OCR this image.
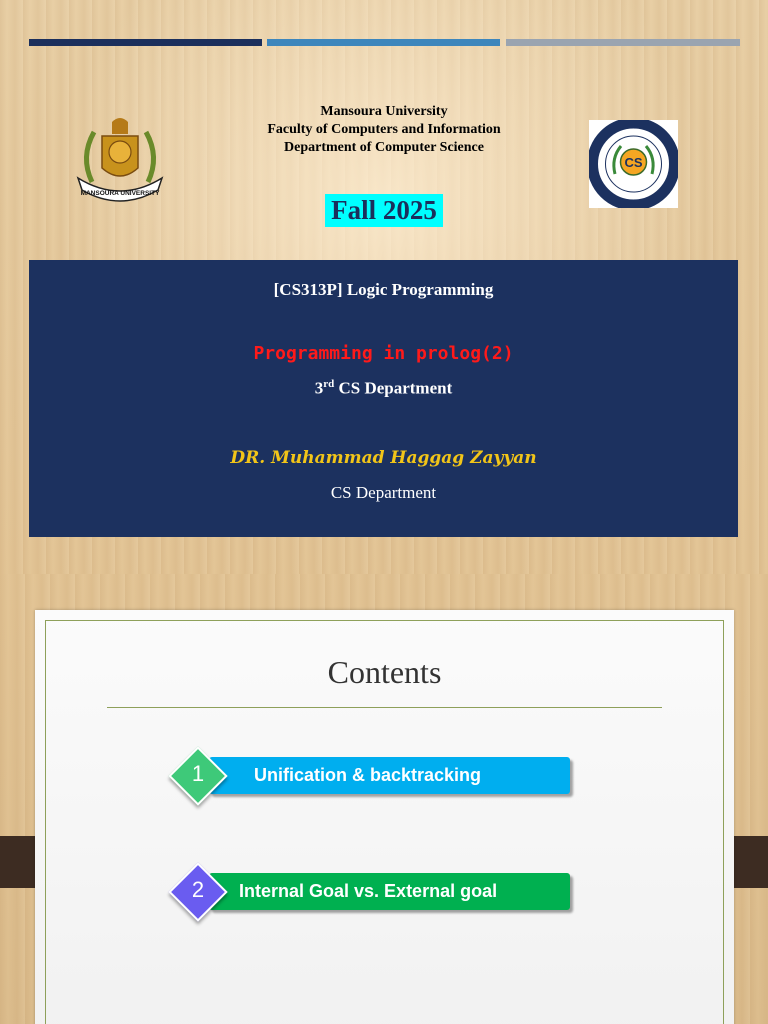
MANSOURA UNIVERSITY
Mansoura University
Faculty of Computers and Information
Department of Computer Science
CS
Fall 2025
[CS313P] Logic Programming
Programming in prolog(2)
3rd CS Department
DR. Muhammad Haggag Zayyan
CS Department
Contents
Unification & backtracking
1
Internal Goal vs. External goal
2
